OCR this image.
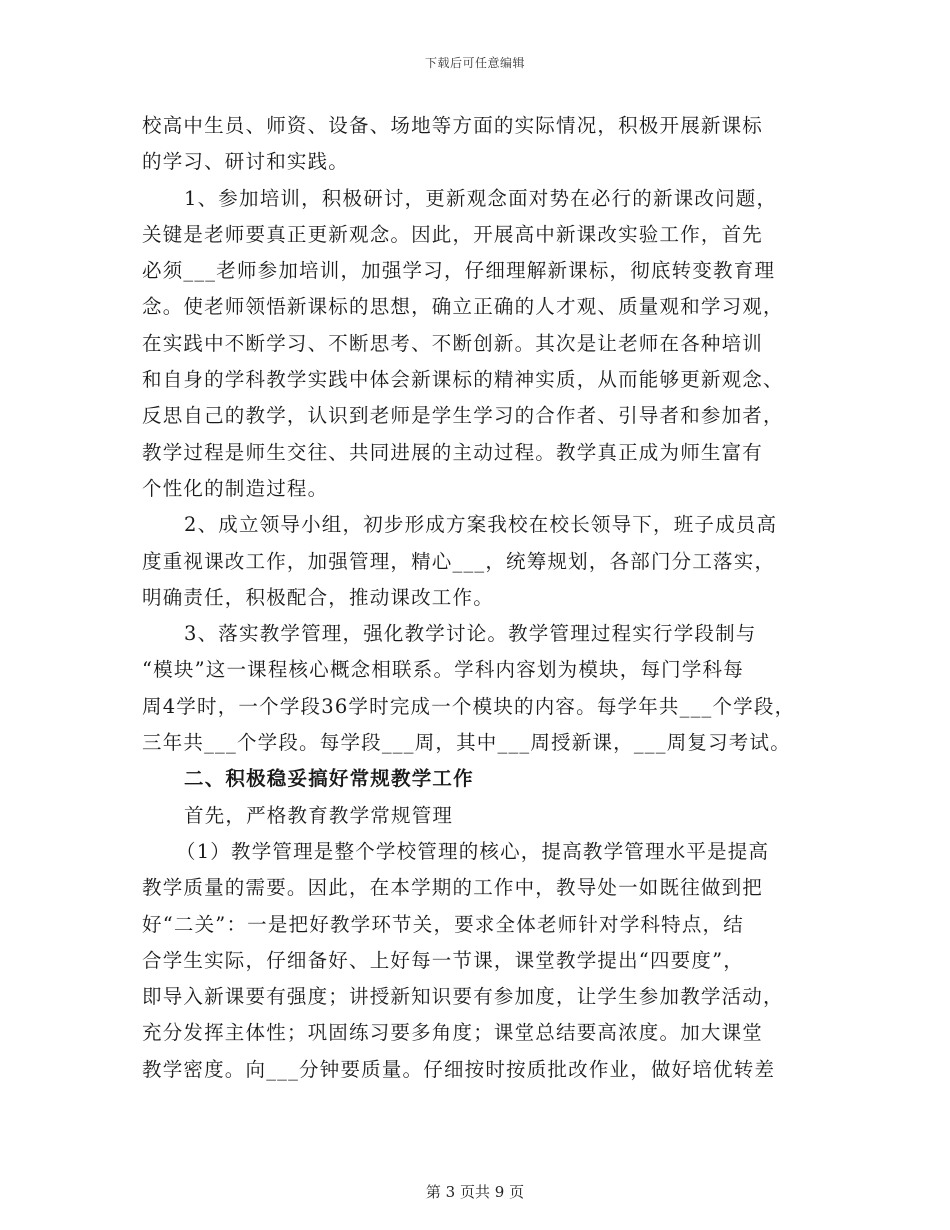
下载后可任意编辑
校高中生员、师资、设备、场地等方面的实际情况，积极开展新课标
的学习、研讨和实践。
1、参加培训，积极研讨，更新观念面对势在必行的新课改问题，
关键是老师要真正更新观念。因此，开展高中新课改实验工作，首先
必须___老师参加培训，加强学习，仔细理解新课标，彻底转变教育理
念。使老师领悟新课标的思想，确立正确的人才观、质量观和学习观，
在实践中不断学习、不断思考、不断创新。其次是让老师在各种培训
和自身的学科教学实践中体会新课标的精神实质，从而能够更新观念、
反思自己的教学，认识到老师是学生学习的合作者、引导者和参加者，
教学过程是师生交往、共同进展的主动过程。教学真正成为师生富有
个性化的制造过程。
2、成立领导小组，初步形成方案我校在校长领导下，班子成员高
度重视课改工作，加强管理，精心___，统筹规划，各部门分工落实，
明确责任，积极配合，推动课改工作。
3、落实教学管理，强化教学讨论。教学管理过程实行学段制与
“模块”这一课程核心概念相联系。学科内容划为模块，每门学科每
周4学时，一个学段36学时完成一个模块的内容。每学年共___个学段，
三年共___个学段。每学段___周，其中___周授新课，___周复习考试。
二、积极稳妥搞好常规教学工作
首先，严格教育教学常规管理
（1）教学管理是整个学校管理的核心，提高教学管理水平是提高
教学质量的需要。因此，在本学期的工作中，教导处一如既往做到把
好“二关”：一是把好教学环节关，要求全体老师针对学科特点，结
合学生实际，仔细备好、上好每一节课，课堂教学提出“四要度”，
即导入新课要有强度；讲授新知识要有参加度，让学生参加教学活动，
充分发挥主体性；巩固练习要多角度；课堂总结要高浓度。加大课堂
教学密度。向___分钟要质量。仔细按时按质批改作业，做好培优转差
第 3 页共 9 页
